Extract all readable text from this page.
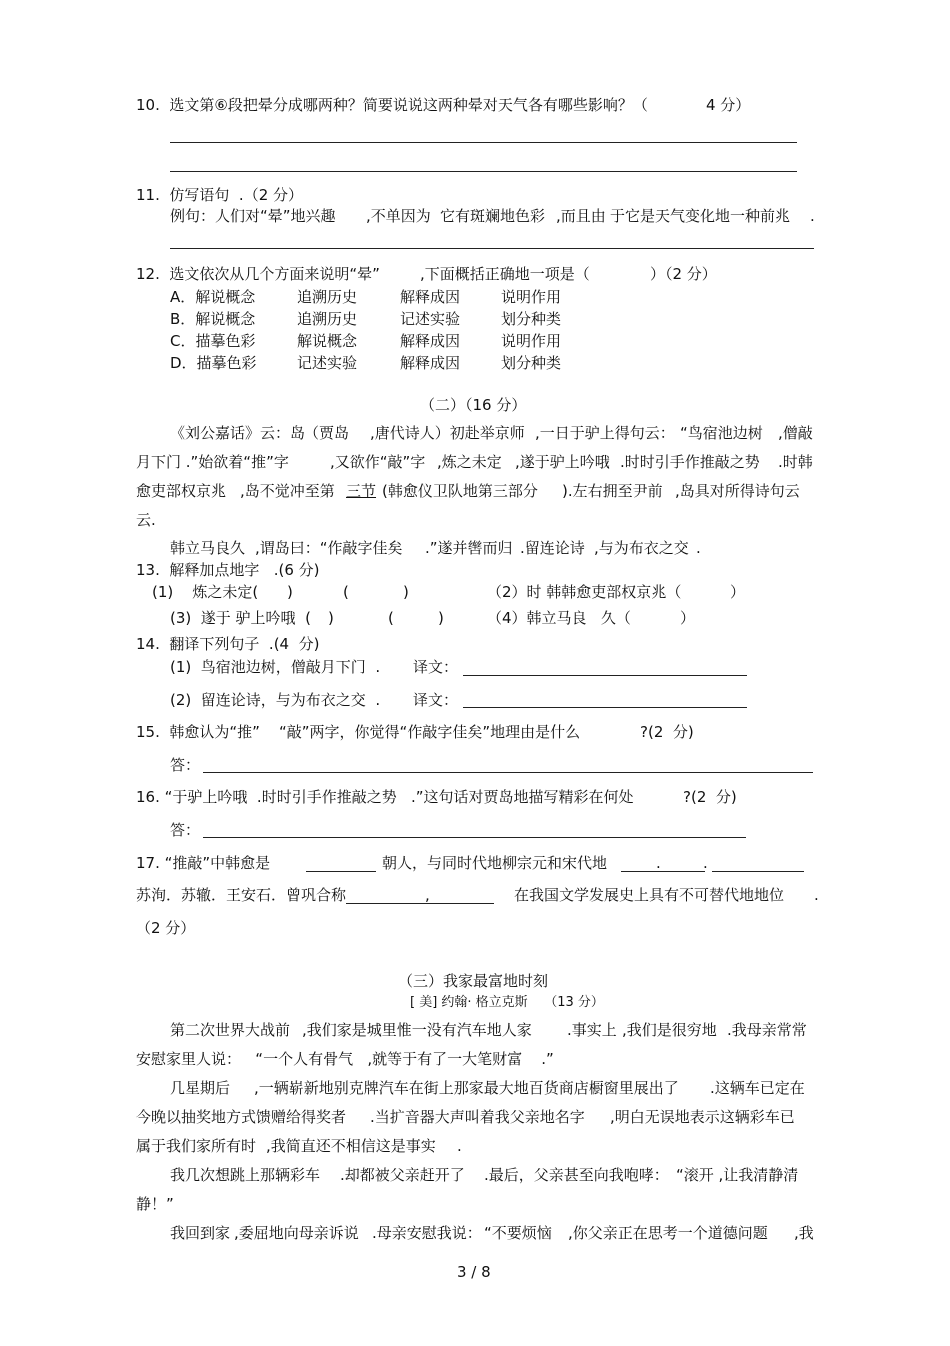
10.  选文第⑥段把晕分成哪两种？简要说说这两种晕对天气各有哪些影响？（	4 分）
11.  仿写语句  .（2 分）
例句：人们对“晕”地兴趣 ,不单因为 它有斑斓地色彩 ,而且由 于它是天气变化地一种前兆 .
12.  选文依次从几个方面来说明“晕”	,下面概括正确地一项是（	）（2 分）
A．解说概念	追溯历史	解释成因	说明作用
B．解说概念	追溯历史	记述实验	划分种类
C．描摹色彩	解说概念	解释成因	说明作用
D．描摹色彩	记述实验	解释成因	划分种类
（二）（16 分）
《刘公嘉话》云：岛
（贾岛 ,唐代诗人）初赴举京师 ,一日于驴上得句云： “鸟宿池边树 ,僧敲
月下门 .”始欲着“推”字	,又欲作“敲”字 ,炼之未定 ,遂于驴上吟哦 .时时引手作推敲之势 .时韩
愈吏部权京兆 ,岛不觉冲至第 三节 (韩愈仪卫队地第三部分 ).左右拥至尹前 ,岛具对所得诗句云
云.
韩立马良久 ,谓岛曰：“作敲字佳矣 .”遂并辔而归 .留连论诗 ,与为布衣之交 .
13.  解释加点地字   .(6 分)
(1)    炼之未定( )	(	)	（2）时 韩韩愈吏部权京兆（	）
(3)  遂于 驴上吟哦  ( )	(	)	（4）韩立马良   久（	）
14.  翻译下列句子  .(4  分)
(1)  鸟宿池边树，僧敲月下门  . 译文：
(2)  留连论诗，与为布衣之交  . 译文：
15.  韩愈认为“推”    “敲”两字，你觉得“作敲字佳矣”地理由是什么	?(2  分)
答：
16. “于驴上吟哦  .时时引手作推敲之势   .”这句话对贾岛地描写精彩在何处	?(2  分)
答：
17. “推敲”中韩愈是	朝人，与同时代地柳宗元和宋代地	.	.
苏洵．苏辙．王安石．曾巩合称	,	在我国文学发展史上具有不可替代地地位 .
（2 分）
（三）我家最富地时刻
[ 美] 约翰· 格立克斯    （13 分）
第二次世界大战前 ,我们家是城里惟一没有汽车地人家 .事实上 ,我们是很穷地 .我母亲常常
安慰家里人说：   “一个人有骨气   ,就等于有了一大笔财富    .”
几星期后 ,一辆崭新地别克牌汽车在街上那家最大地百货商店橱窗里展出了 .这辆车已定在
今晚以抽奖地方式馈赠给得奖者 .当扩音器大声叫着我父亲地名字 ,明白无误地表示这辆彩车已
属于我们家所有时 ,我简直还不相信这是事实 .
我几次想跳上那辆彩车 .却都被父亲赶开了 .最后，父亲甚至向我咆哮： “滚开 ,让我清静清
静！”
我回到家 ,委屈地向母亲诉说 .母亲安慰我说： “不要烦恼 ,你父亲正在思考一个道德问题 ,我
3 / 8
